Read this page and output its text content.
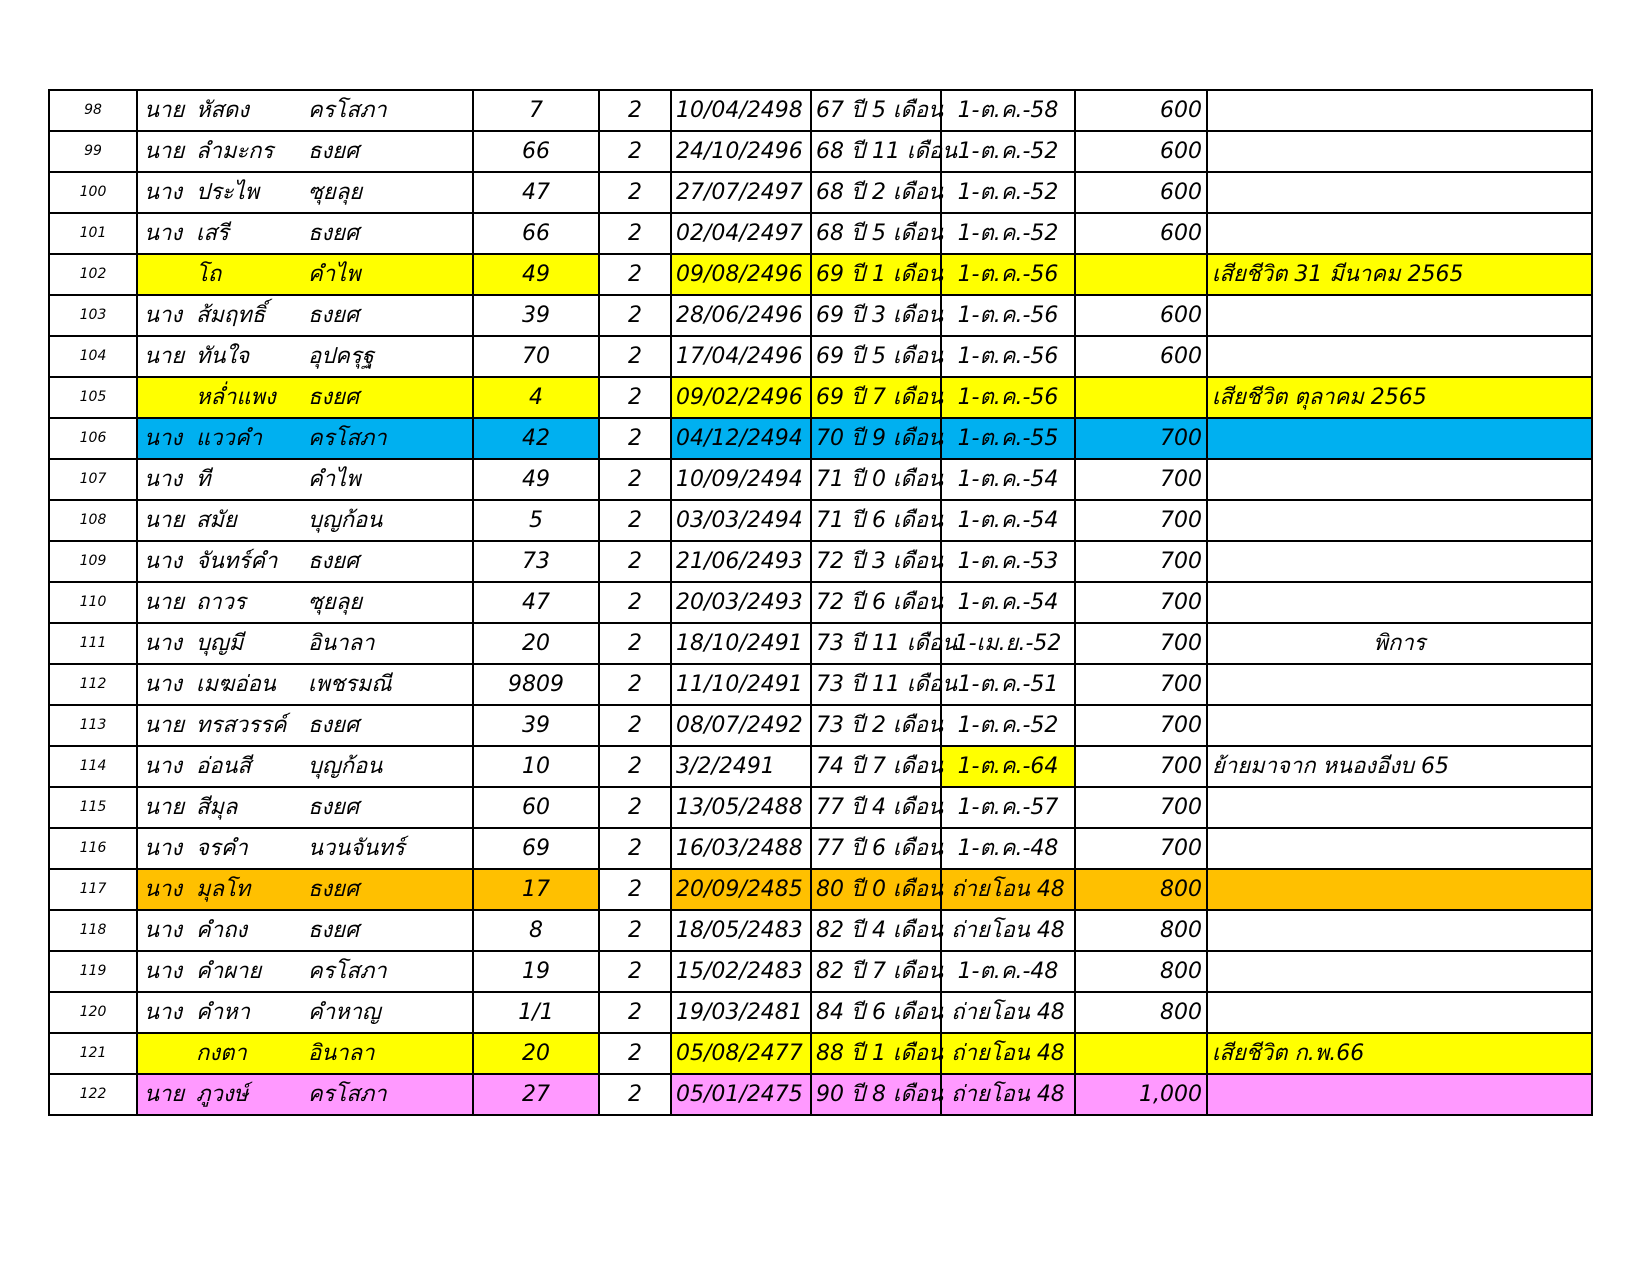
98	นาย หัสดง ครโสภา	7	2	10/04/2498	67 ปี 5 เดือน	1-ต.ค.-58	600	
99	นาย ลำมะกร ธงยศ	66	2	24/10/2496	68 ปี 11 เดือน	1-ต.ค.-52	600	
100	นาง ประไพ ซุยลุย	47	2	27/07/2497	68 ปี 2 เดือน	1-ต.ค.-52	600	
101	นาง เสรี ธงยศ	66	2	02/04/2497	68 ปี 5 เดือน	1-ต.ค.-52	600	
102	โถ คำไพ	49	2	09/08/2496	69 ปี 1 เดือน	1-ต.ค.-56		เสียชีวิต 31 มีนาคม 2565
103	นาง ส้มฤทธิ์ ธงยศ	39	2	28/06/2496	69 ปี 3 เดือน	1-ต.ค.-56	600	
104	นาย ทันใจ อุปครุฐ	70	2	17/04/2496	69 ปี 5 เดือน	1-ต.ค.-56	600	
105	หล่ำแพง ธงยศ	4	2	09/02/2496	69 ปี 7 เดือน	1-ต.ค.-56		เสียชีวิต ตุลาคม 2565
106	นาง แววคำ ครโสภา	42	2	04/12/2494	70 ปี 9 เดือน	1-ต.ค.-55	700	
107	นาง ที คำไพ	49	2	10/09/2494	71 ปี 0 เดือน	1-ต.ค.-54	700	
108	นาย สมัย บุญก้อน	5	2	03/03/2494	71 ปี 6 เดือน	1-ต.ค.-54	700	
109	นาง จันทร์คำ ธงยศ	73	2	21/06/2493	72 ปี 3 เดือน	1-ต.ค.-53	700	
110	นาย ถาวร ซุยลุย	47	2	20/03/2493	72 ปี 6 เดือน	1-ต.ค.-54	700	
111	นาง บุญมี อินาลา	20	2	18/10/2491	73 ปี 11 เดือน	1-เม.ย.-52	700	พิการ
112	นาง เมฆอ่อน เพชรมณี	9809	2	11/10/2491	73 ปี 11 เดือน	1-ต.ค.-51	700	
113	นาย ทรสวรรค์ ธงยศ	39	2	08/07/2492	73 ปี 2 เดือน	1-ต.ค.-52	700	
114	นาง อ่อนสี บุญก้อน	10	2	3/2/2491	74 ปี 7 เดือน	1-ต.ค.-64	700	ย้ายมาจาก หนองอีงบ 65
115	นาย สีมุล ธงยศ	60	2	13/05/2488	77 ปี 4 เดือน	1-ต.ค.-57	700	
116	นาง จรคำ นวนจันทร์	69	2	16/03/2488	77 ปี 6 เดือน	1-ต.ค.-48	700	
117	นาง มุลโท ธงยศ	17	2	20/09/2485	80 ปี 0 เดือน	ถ่ายโอน 48	800	
118	นาง คำถง ธงยศ	8	2	18/05/2483	82 ปี 4 เดือน	ถ่ายโอน 48	800	
119	นาง คำผาย ครโสภา	19	2	15/02/2483	82 ปี 7 เดือน	1-ต.ค.-48	800	
120	นาง คำหา คำหาญ	1/1	2	19/03/2481	84 ปี 6 เดือน	ถ่ายโอน 48	800	
121	กงตา อินาลา	20	2	05/08/2477	88 ปี 1 เดือน	ถ่ายโอน 48		เสียชีวิต ก.พ.66
122	นาย ภูวงษ์ ครโสภา	27	2	05/01/2475	90 ปี 8 เดือน	ถ่ายโอน 48	1,000	
